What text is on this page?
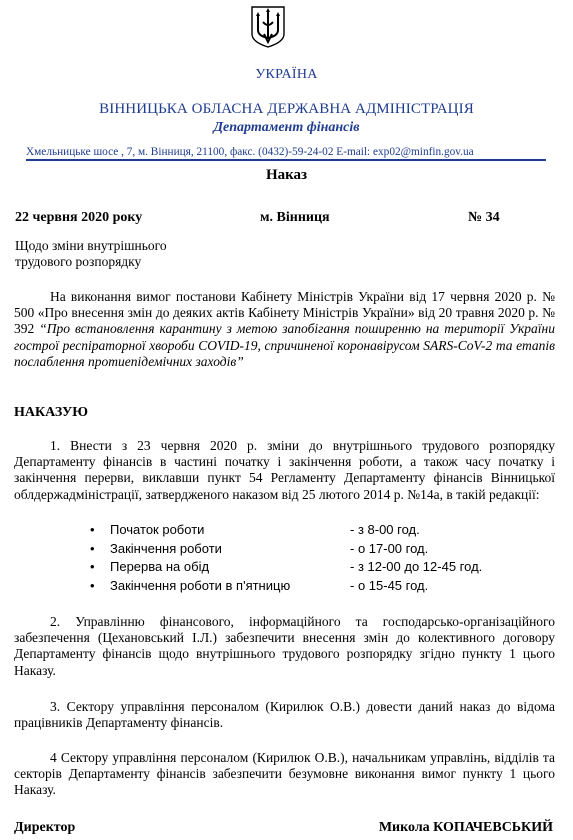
УКРАЇНА
ВІННИЦЬКА ОБЛАСНА ДЕРЖАВНА АДМІНІСТРАЦІЯ
Департамент фінансів
Хмельницьке шосе , 7, м. Вінниця, 21100, факс. (0432)-59-24-02 E-mail: exp02@minfin.gov.ua
Наказ
22 червня 2020 року	м. Вінниця	№ 34
Щодо зміни внутрішнього
трудового розпорядку
На виконання вимог постанови Кабінету Міністрів України від 17 червня 2020 р. № 500 «Про внесення змін до деяких актів Кабінету Міністрів України» від 20 травня 2020 р. № 392 “Про встановлення карантину з метою запобігання поширенню на території України гострої респіраторної хвороби COVID-19, спричиненої коронавірусом SARS-CoV-2 та етапів послаблення протиепідемічних заходів”
НАКАЗУЮ
1. Внести з 23 червня 2020 р. зміни до внутрішнього трудового розпорядку Департаменту фінансів в частині початку і закінчення роботи, а також часу початку і закінчення перерви, виклавши пункт 54 Регламенту Департаменту фінансів Вінницької облдержадміністрації, затвердженого наказом від 25 лютого 2014 р. №14а, в такій редакції:
• Початок роботи	- з 8-00 год.
• Закінчення роботи	- о 17-00 год.
• Перерва на обід	- з 12-00 до 12-45 год.
• Закінчення роботи в п'ятницю	- о 15-45 год.
2. Управлінню фінансового, інформаційного та господарсько-організаційного забезпечення (Цехановський І.Л.) забезпечити внесення змін до колективного договору Департаменту фінансів щодо внутрішнього трудового розпорядку згідно пункту 1 цього Наказу.
3. Сектору управління персоналом (Кирилюк О.В.) довести даний наказ до відома працівників Департаменту фінансів.
4 Сектору управління персоналом (Кирилюк О.В.), начальникам управлінь, відділів та секторів Департаменту фінансів забезпечити безумовне виконання вимог пункту 1 цього Наказу.
Директор	Микола КОПАЧЕВСЬКИЙ
